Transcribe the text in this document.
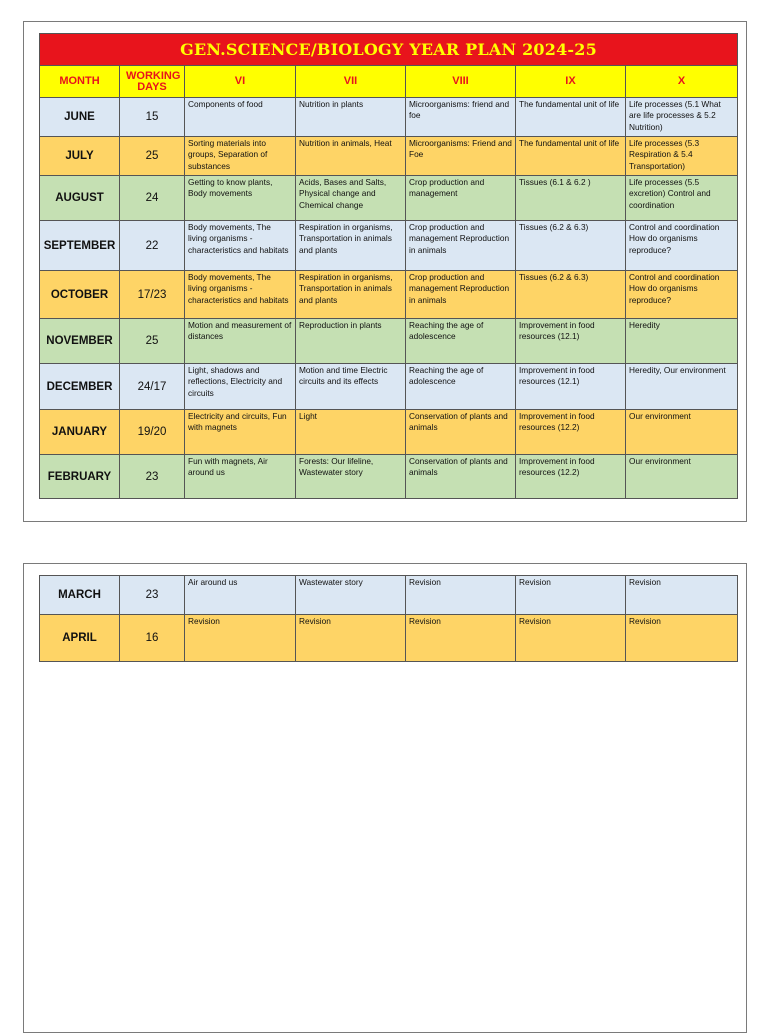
GEN.SCIENCE/BIOLOGY YEAR PLAN 2024-25						
MONTH	WORKING DAYS	VI	VII	VIII	IX	X
JUNE	15	Components of food	Nutrition in plants	Microorganisms: friend and foe	The fundamental unit of life	Life processes (5.1 What are life processes & 5.2 Nutrition)
JULY	25	Sorting materials into groups, Separation of substances	Nutrition in animals, Heat	Microorganisms: Friend and Foe	The fundamental unit of life	Life processes (5.3 Respiration & 5.4 Transportation)
AUGUST	24	Getting to know plants, Body movements	Acids, Bases and Salts, Physical change and Chemical change	Crop production and management	Tissues (6.1 & 6.2 )	Life processes (5.5 excretion) Control and coordination
SEPTEMBER	22	Body movements, The living organisms - characteristics and habitats	Respiration in organisms, Transportation in animals and plants	Crop production and management Reproduction in animals	Tissues (6.2 & 6.3)	Control and coordination How do organisms reproduce?
OCTOBER	17/23	Body movements, The living organisms - characteristics and habitats	Respiration in organisms, Transportation in animals and plants	Crop production and management Reproduction in animals	Tissues (6.2 & 6.3)	Control and coordination How do organisms reproduce?
NOVEMBER	25	Motion and measurement of distances	Reproduction in plants	Reaching the age of adolescence	Improvement in food resources (12.1)	Heredity
DECEMBER	24/17	Light, shadows and reflections, Electricity and circuits	Motion and time Electric circuits and its effects	Reaching the age of adolescence	Improvement in food resources (12.1)	Heredity, Our environment
JANUARY	19/20	Electricity and circuits, Fun with magnets	Light	Conservation of plants and animals	Improvement in food resources (12.2)	Our environment
FEBRUARY	23	Fun with magnets, Air around us	Forests: Our lifeline, Wastewater story	Conservation of plants and animals	Improvement in food resources (12.2)	Our environment
MARCH	23	Air around us	Wastewater story	Revision	Revision	Revision
APRIL	16	Revision	Revision	Revision	Revision	Revision
